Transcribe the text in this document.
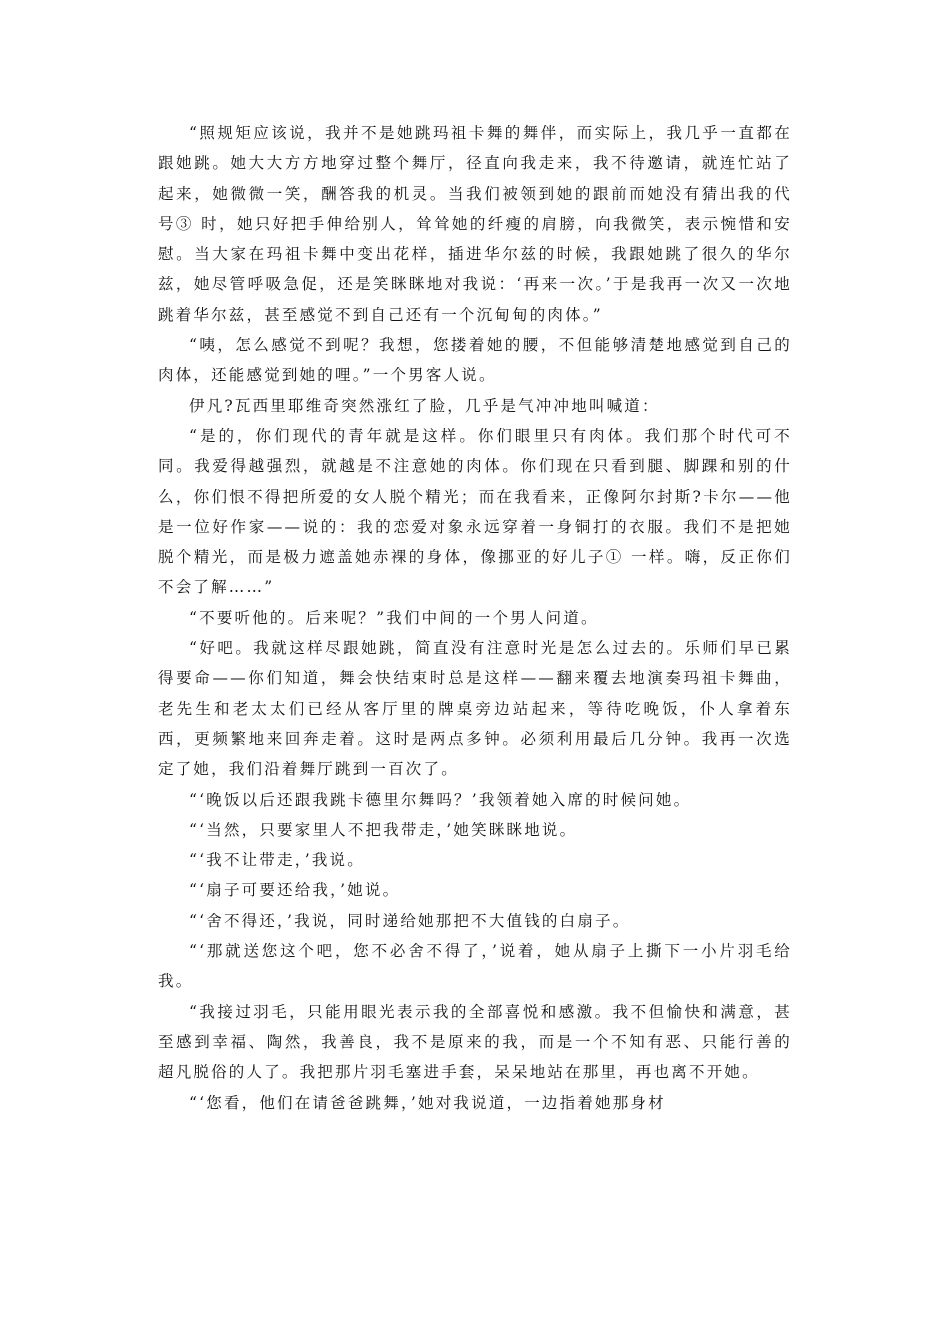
“照规矩应该说，我并不是她跳玛祖卡舞的舞伴，而实际上，我几乎一直都在跟她跳。她大大方方地穿过整个舞厅，径直向我走来，我不待邀请，就连忙站了起来，她微微一笑，酬答我的机灵。当我们被领到她的跟前而她没有猜出我的代号③ 时，她只好把手伸给别人，耸耸她的纤瘦的肩膀，向我微笑，表示惋惜和安慰。当大家在玛祖卡舞中变出花样，插进华尔兹的时候，我跟她跳了很久的华尔兹，她尽管呼吸急促，还是笑眯眯地对我说：‘再来一次。’于是我再一次又一次地跳着华尔兹，甚至感觉不到自己还有一个沉甸甸的肉体。”

“咦，怎么感觉不到呢？我想，您搂着她的腰，不但能够清楚地感觉到自己的肉体，还能感觉到她的哩。”一个男客人说。

伊凡?瓦西里耶维奇突然涨红了脸，几乎是气冲冲地叫喊道：

“是的，你们现代的青年就是这样。你们眼里只有肉体。我们那个时代可不同。我爱得越强烈，就越是不注意她的肉体。你们现在只看到腿、脚踝和别的什么，你们恨不得把所爱的女人脱个精光；而在我看来，正像阿尔封斯?卡尔——他是一位好作家——说的：我的恋爱对象永远穿着一身铜打的衣服。我们不是把她脱个精光，而是极力遮盖她赤裸的身体，像挪亚的好儿子① 一样。嗨，反正你们不会了解……”

“不要听他的。后来呢？”我们中间的一个男人问道。

“好吧。我就这样尽跟她跳，简直没有注意时光是怎么过去的。乐师们早已累得要命——你们知道，舞会快结束时总是这样——翻来覆去地演奏玛祖卡舞曲，老先生和老太太们已经从客厅里的牌桌旁边站起来，等待吃晚饭，仆人拿着东西，更频繁地来回奔走着。这时是两点多钟。必须利用最后几分钟。我再一次选定了她，我们沿着舞厅跳到一百次了。

“‘晚饭以后还跟我跳卡德里尔舞吗？’我领着她入席的时候问她。

“‘当然，只要家里人不把我带走，’她笑眯眯地说。

“‘我不让带走，’我说。

“‘扇子可要还给我，’她说。

“‘舍不得还，’我说，同时递给她那把不大值钱的白扇子。

“‘那就送您这个吧，您不必舍不得了，’说着，她从扇子上撕下一小片羽毛给我。

“我接过羽毛，只能用眼光表示我的全部喜悦和感激。我不但愉快和满意，甚至感到幸福、陶然，我善良，我不是原来的我，而是一个不知有恶、只能行善的超凡脱俗的人了。我把那片羽毛塞进手套，呆呆地站在那里，再也离不开她。

“‘您看，他们在请爸爸跳舞，’她对我说道，一边指着她那身材
